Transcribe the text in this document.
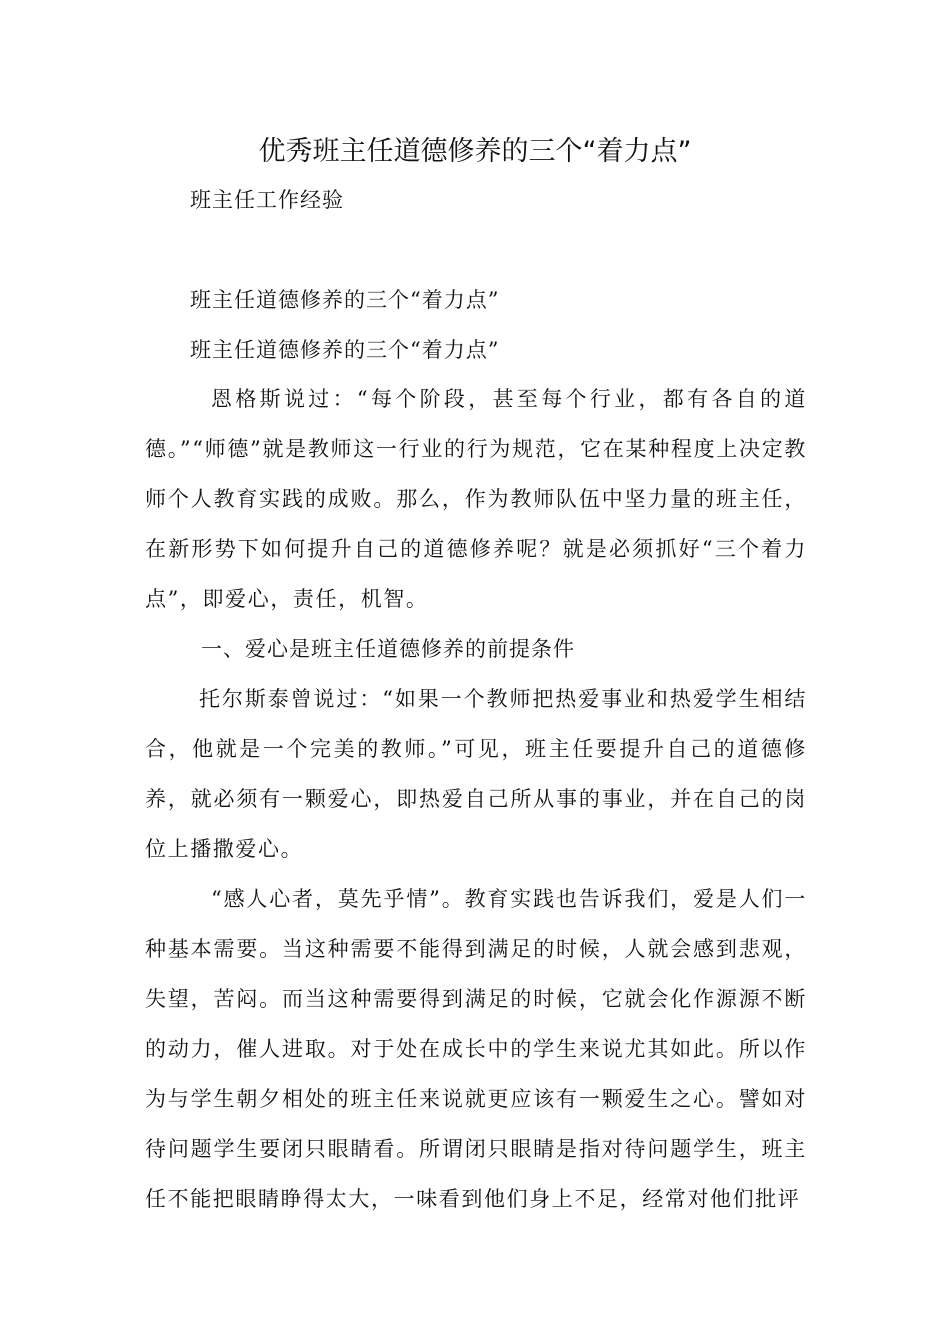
优秀班主任道德修养的三个“着力点”

班主任工作经验

班主任道德修养的三个“着力点”

班主任道德修养的三个“着力点”

恩格斯说过：“每个阶段，甚至每个行业，都有各自的道德。”“师德”就是教师这一行业的行为规范，它在某种程度上决定教师个人教育实践的成败。那么，作为教师队伍中坚力量的班主任，在新形势下如何提升自己的道德修养呢？就是必须抓好“三个着力点”，即爱心，责任，机智。

一、爱心是班主任道德修养的前提条件

托尔斯泰曾说过：“如果一个教师把热爱事业和热爱学生相结合，他就是一个完美的教师。”可见，班主任要提升自己的道德修养，就必须有一颗爱心，即热爱自己所从事的事业，并在自己的岗位上播撒爱心。

“感人心者，莫先乎情”。教育实践也告诉我们，爱是人们一种基本需要。当这种需要不能得到满足的时候，人就会感到悲观，失望，苦闷。而当这种需要得到满足的时候，它就会化作源源不断的动力，催人进取。对于处在成长中的学生来说尤其如此。所以作为与学生朝夕相处的班主任来说就更应该有一颗爱生之心。譬如对待问题学生要闭只眼睛看。所谓闭只眼睛是指对待问题学生，班主任不能把眼睛睁得太大，一味看到他们身上不足，经常对他们批评
